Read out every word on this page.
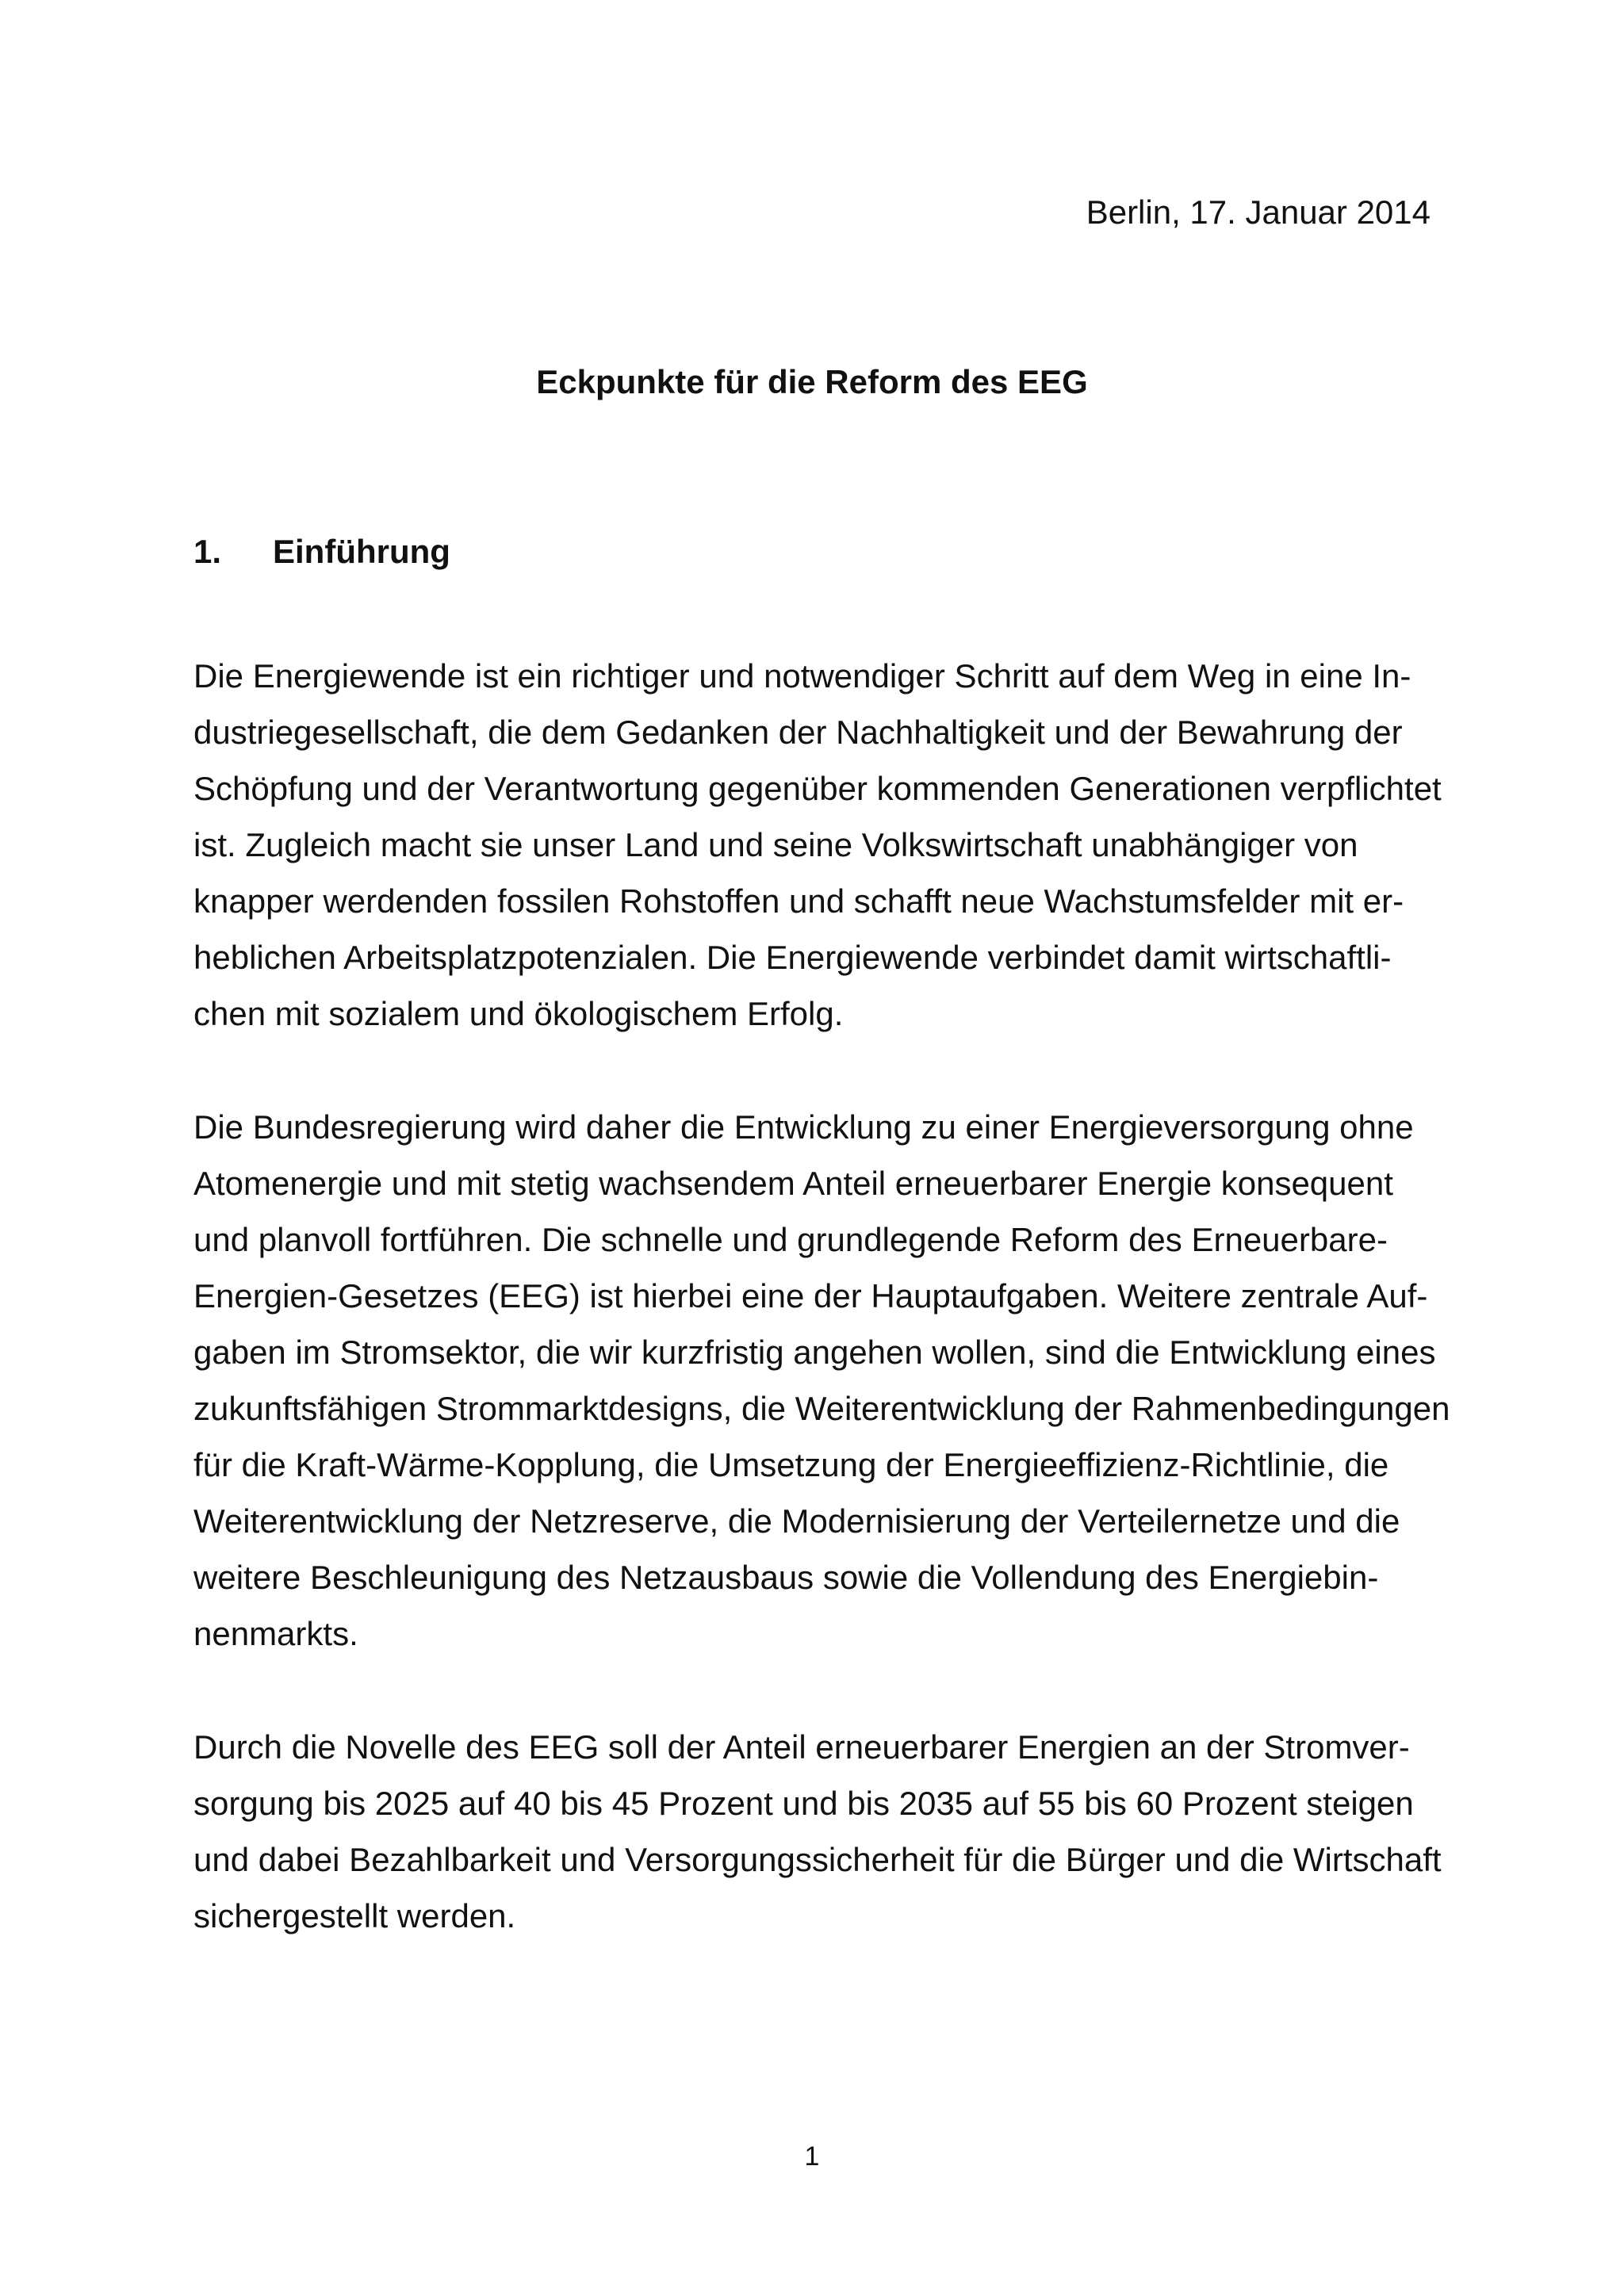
Berlin, 17. Januar 2014
Eckpunkte für die Reform des EEG
1. Einführung
Die Energiewende ist ein richtiger und notwendiger Schritt auf dem Weg in eine In-
dustriegesellschaft, die dem Gedanken der Nachhaltigkeit und der Bewahrung der
Schöpfung und der Verantwortung gegenüber kommenden Generationen verpflichtet
ist. Zugleich macht sie unser Land und seine Volkswirtschaft unabhängiger von
knapper werdenden fossilen Rohstoffen und schafft neue Wachstumsfelder mit er-
heblichen Arbeitsplatzpotenzialen. Die Energiewende verbindet damit wirtschaftli-
chen mit sozialem und ökologischem Erfolg.
Die Bundesregierung wird daher die Entwicklung zu einer Energieversorgung ohne
Atomenergie und mit stetig wachsendem Anteil erneuerbarer Energie konsequent
und planvoll fortführen. Die schnelle und grundlegende Reform des Erneuerbare-
Energien-Gesetzes (EEG) ist hierbei eine der Hauptaufgaben. Weitere zentrale Auf-
gaben im Stromsektor, die wir kurzfristig angehen wollen, sind die Entwicklung eines
zukunftsfähigen Strommarktdesigns, die Weiterentwicklung der Rahmenbedingungen
für die Kraft-Wärme-Kopplung, die Umsetzung der Energieeffizienz-Richtlinie, die
Weiterentwicklung der Netzreserve, die Modernisierung der Verteilernetze und die
weitere Beschleunigung des Netzausbaus sowie die Vollendung des Energiebin-
nenmarkts.
Durch die Novelle des EEG soll der Anteil erneuerbarer Energien an der Stromver-
sorgung bis 2025 auf 40 bis 45 Prozent und bis 2035 auf 55 bis 60 Prozent steigen
und dabei Bezahlbarkeit und Versorgungssicherheit für die Bürger und die Wirtschaft
sichergestellt werden.
1
